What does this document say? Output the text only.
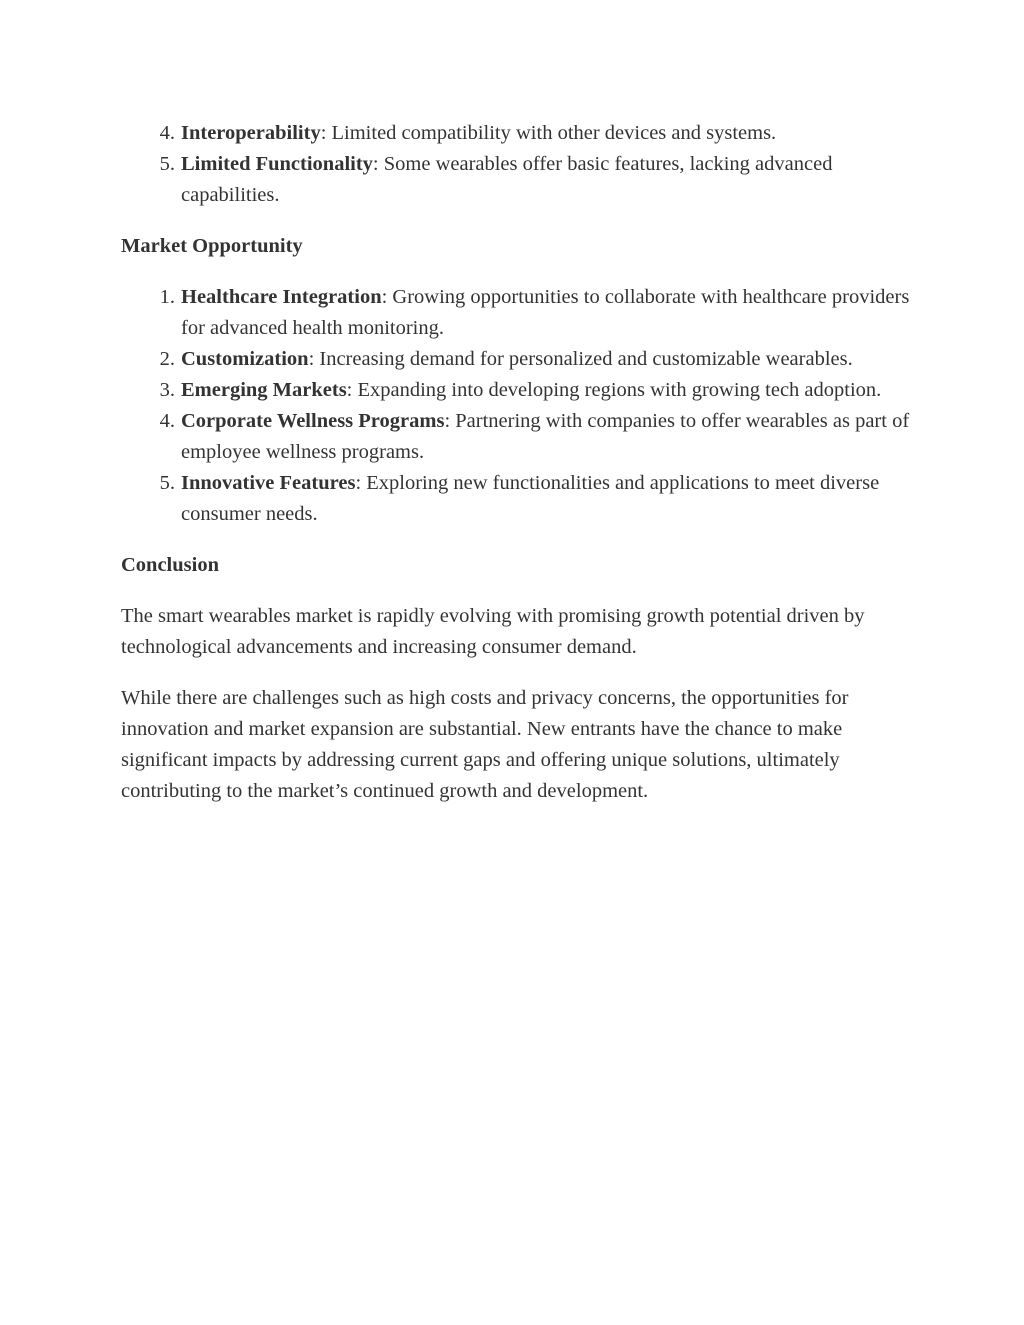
4. Interoperability: Limited compatibility with other devices and systems.
5. Limited Functionality: Some wearables offer basic features, lacking advanced capabilities.
Market Opportunity
1. Healthcare Integration: Growing opportunities to collaborate with healthcare providers for advanced health monitoring.
2. Customization: Increasing demand for personalized and customizable wearables.
3. Emerging Markets: Expanding into developing regions with growing tech adoption.
4. Corporate Wellness Programs: Partnering with companies to offer wearables as part of employee wellness programs.
5. Innovative Features: Exploring new functionalities and applications to meet diverse consumer needs.
Conclusion

The smart wearables market is rapidly evolving with promising growth potential driven by technological advancements and increasing consumer demand.

While there are challenges such as high costs and privacy concerns, the opportunities for innovation and market expansion are substantial. New entrants have the chance to make significant impacts by addressing current gaps and offering unique solutions, ultimately contributing to the market’s continued growth and development.
